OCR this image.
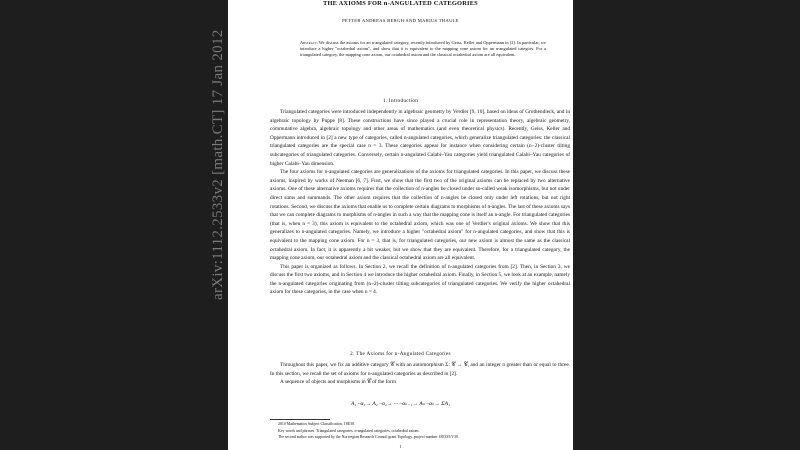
THE AXIOMS FOR n-ANGULATED CATEGORIES
PETTER ANDREAS BERGH AND MARIUS THAULE
Abstract. We discuss the axioms for an n-angulated category, recently introduced by Geiss, Keller and Oppermann in [2]. In particular, we introduce a higher "octahedral axiom", and show that it is equivalent to the mapping cone axiom for an n-angulated category. For a triangulated category, the mapping cone axiom, our octahedral axiom and the classical octahedral axiom are all equivalent.
1. Introduction

Triangulated categories were introduced independently in algebraic geometry by Verdier [9, 10], based on ideas of Grothendieck, and in algebraic topology by Puppe [8]. These constructions have since played a crucial role in representation theory, algebraic geometry, commutative algebra, algebraic topology and other areas of mathematics (and even theoretical physics). Recently, Geiss, Keller and Oppermann introduced in [2] a new type of categories, called n-angulated categories, which generalize triangulated categories: the classical triangulated categories are the special case n = 3. These categories appear for instance when considering certain (n−2)-cluster tilting subcategories of triangulated categories. Conversely, certain n-angulated Calabi–Yau categories yield triangulated Calabi–Yau categories of higher Calabi–Yau dimension.

The four axioms for n-angulated categories are generalizations of the axioms for triangulated categories. In this paper, we discuss these axioms, inspired by works of Neeman [6, 7]. First, we show that the first two of the original axioms can be replaced by two alternative axioms. One of these alternative axioms requires that the collection of n-angles be closed under so-called weak isomorphisms, but not under direct sums and summands. The other axiom requires that the collection of n-angles be closed only under left rotations, but not right rotations. Second, we discuss the axioms that enable us to complete certain diagrams to morphisms of n-angles. The last of these axioms says that we can complete diagrams to morphisms of n-angles in such a way that the mapping cone is itself an n-angle. For triangulated categories (that is, when n = 3), this axiom is equivalent to the octahedral axiom, which was one of Verdier's original axioms. We show that this generalizes to n-angulated categories. Namely, we introduce a higher "octahedral axiom" for n-angulated categories, and show that this is equivalent to the mapping cone axiom. For n = 3, that is, for triangulated categories, our new axiom is almost the same as the classical octahedral axiom. In fact, it is apparently a bit weaker, but we show that they are equivalent. Therefore, for a triangulated category, the mapping cone axiom, our octahedral axiom and the classical octahedral axiom are all equivalent.

This paper is organized as follows. In Section 2, we recall the definition of n-angulated categories from [2]. Then, in Section 3, we discuss the first two axioms, and in Section 4 we introduce the higher octahedral axiom. Finally, in Section 5, we look at an example, namely the n-angulated categories originating from (n−2)-cluster tilting subcategories of triangulated categories. We verify the higher octahedral axiom for these categories, in the case when n = 4.

2. The Axioms for n-Angulated Categories

Throughout this paper, we fix an additive category 𝒞 with an automorphism Σ: 𝒞 → 𝒞, and an integer n greater than or equal to three. In this section, we recall the set of axioms for n-angulated categories as described in [2].

A sequence of objects and morphisms in 𝒞 of the form

A₁ –α₁→ A₂ –α₂→ ··· –αₙ₋₁→ Aₙ –αₙ→ ΣA₁
2010 Mathematics Subject Classification. 18E30.
Key words and phrases. Triangulated categories, n-angulated categories, octahedral axiom.
The second author was supported by the Norwegian Research Council grant Topology, project number 185335/V30.
1
arXiv:1112.2533v2 [math.CT] 17 Jan 2012
